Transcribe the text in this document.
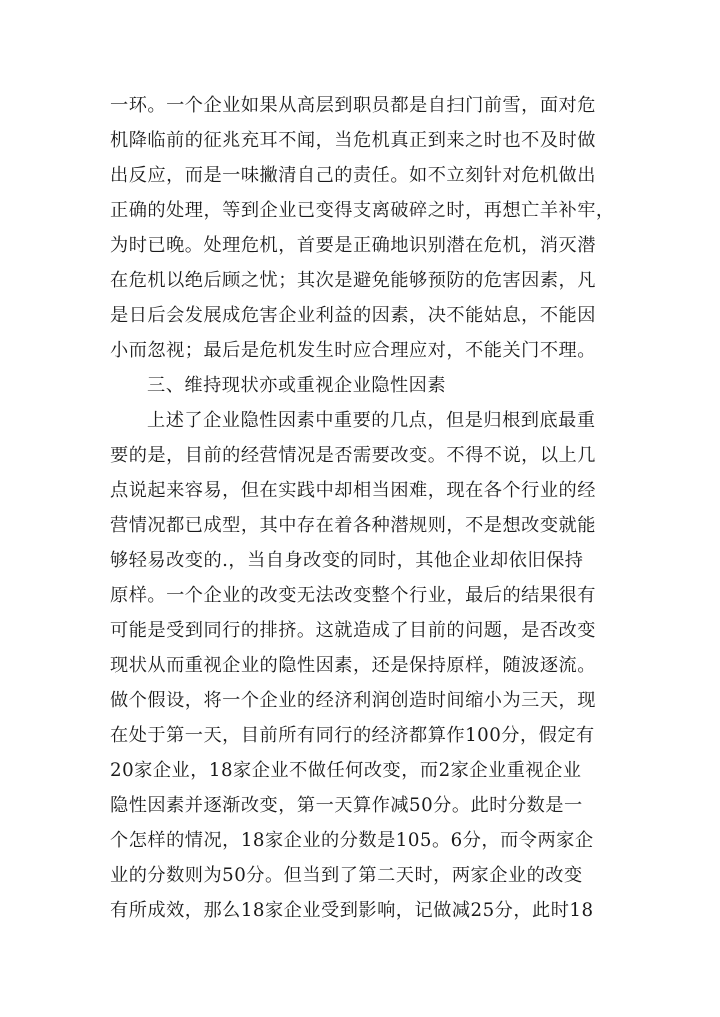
一环。一个企业如果从高层到职员都是自扫门前雪，面对危
机降临前的征兆充耳不闻，当危机真正到来之时也不及时做
出反应，而是一味撇清自己的责任。如不立刻针对危机做出
正确的处理，等到企业已变得支离破碎之时，再想亡羊补牢，
为时已晚。处理危机，首要是正确地识别潜在危机，消灭潜
在危机以绝后顾之忧；其次是避免能够预防的危害因素，凡
是日后会发展成危害企业利益的因素，决不能姑息，不能因
小而忽视；最后是危机发生时应合理应对，不能关门不理。
三、维持现状亦或重视企业隐性因素
上述了企业隐性因素中重要的几点，但是归根到底最重
要的是，目前的经营情况是否需要改变。不得不说，以上几
点说起来容易，但在实践中却相当困难，现在各个行业的经
营情况都已成型，其中存在着各种潜规则，不是想改变就能
够轻易改变的.，当自身改变的同时，其他企业却依旧保持
原样。一个企业的改变无法改变整个行业，最后的结果很有
可能是受到同行的排挤。这就造成了目前的问题，是否改变
现状从而重视企业的隐性因素，还是保持原样，随波逐流。
做个假设，将一个企业的经济利润创造时间缩小为三天，现
在处于第一天，目前所有同行的经济都算作100分，假定有
20家企业，18家企业不做任何改变，而2家企业重视企业
隐性因素并逐渐改变，第一天算作减50分。此时分数是一
个怎样的情况，18家企业的分数是105。6分，而令两家企
业的分数则为50分。但当到了第二天时，两家企业的改变
有所成效，那么18家企业受到影响，记做减25分，此时18
